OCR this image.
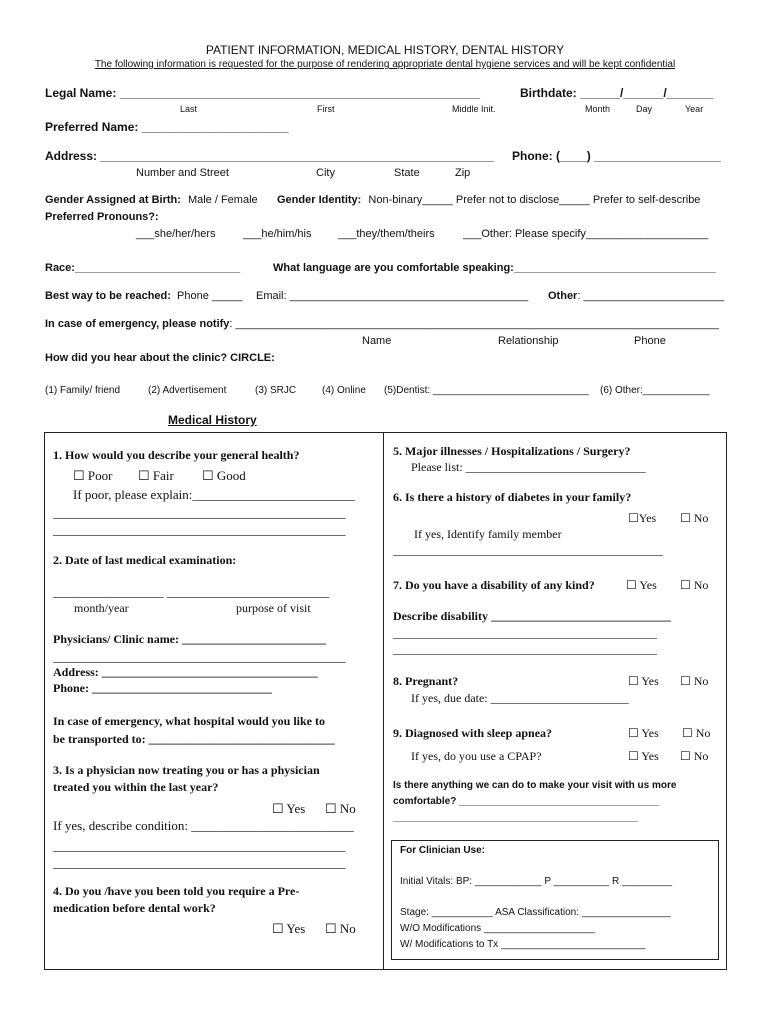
PATIENT INFORMATION, MEDICAL HISTORY, DENTAL HISTORY
The following information is requested for the purpose of rendering appropriate dental hygiene services and will be kept confidential
Legal Name: ______________________________________________________	Birthdate: ______/______/_______
Last	First	Middle Init.	Month	Day	Year
Preferred Name: ______________________
Address: ___________________________________________________________ Phone: (____) ___________________
Number and Street	City	State	Zip
Gender Assigned at Birth: Male / Female Gender Identity: Non-binary_____ Prefer not to disclose_____ Prefer to self-describe
Preferred Pronouns?:
___she/her/hers	___he/him/his ___they/them/theirs	___Other: Please specify____________________
Race:___________________________	What language are you comfortable speaking:_________________________________
Best way to be reached: Phone _____ Email: _______________________________________ Other: _______________________
In case of emergency, please notify: _______________________________________________________________________________
Name	Relationship	Phone
How did you hear about the clinic? CIRCLE:
(1) Family/ friend	(2) Advertisement	(3) SRJC	(4) Online (5)Dentist: ____________________________ (6) Other:____________
Medical History
1. How would you describe your general health?
☐ Poor ☐ Fair ☐ Good
If poor, please explain:_________________________
_____________________________________________
_____________________________________________
2. Date of last medical examination:
_________________ _________________________
month/year	purpose of visit
Physicians/ Clinic name: ________________________
_____________________________________________
Address: ____________________________________
Phone: ______________________________
In case of emergency, what hospital would you like to
be transported to: _______________________________
3. Is a physician now treating you or has a physician
treated you within the last year?
☐ Yes ☐ No
If yes, describe condition: _________________________
_____________________________________________
_____________________________________________
4. Do you /have you been told you require a Pre-
medication before dental work?
☐ Yes ☐ No
5. Major illnesses / Hospitalizations / Surgery?
Please list: ______________________________
6. Is there a history of diabetes in your family?
☐Yes ☐ No
If yes, Identify family member
_____________________________________________
7. Do you have a disability of any kind?	☐ Yes ☐ No
Describe disability ______________________________
____________________________________________
____________________________________________
8. Pregnant?	☐ Yes ☐ No
If yes, due date: _______________________
9. Diagnosed with sleep apnea?	☐ Yes ☐ No
If yes, do you use a CPAP?	☐ Yes ☐ No
Is there anything we can do to make your visit with us more
comfortable? ____________________________________
____________________________________________
For Clinician Use:
Initial Vitals: BP: ____________ P __________ R _________
Stage: ___________ ASA Classification: ________________
W/O Modifications ____________________
W/ Modifications to Tx __________________________
